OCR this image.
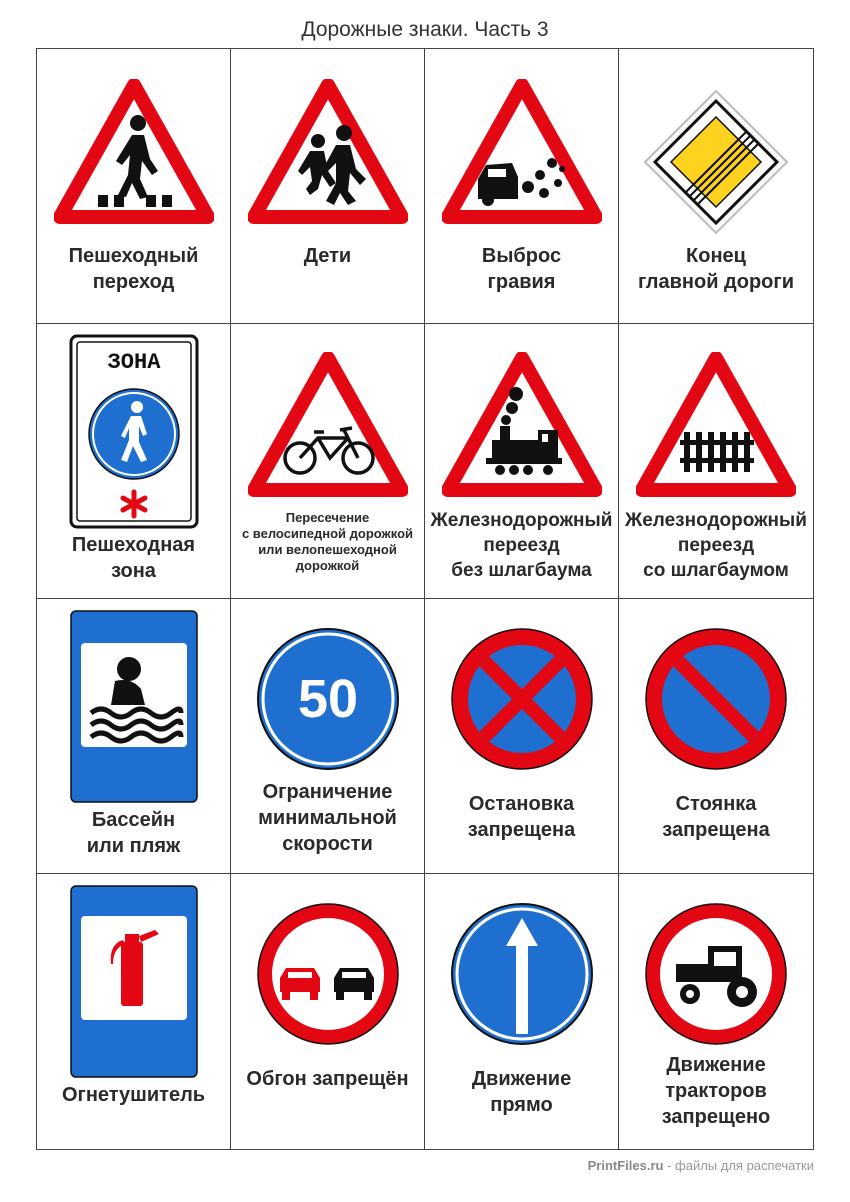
Дорожные знаки. Часть 3
Пешеходный
переход
Дети	Выброс
гравия
Конец
главной дороги
ЗОНА
Пешеходная
зона
Пересечение
с велосипедной дорожкой
или велопешеходной
дорожкой
Железнодорожный
переезд
без шлагбаума
Железнодорожный
переезд
со шлагбаумом
Бассейн
или пляж
50
Ограничение
минимальной
скорости
Остановка
запрещена
Стоянка
запрещена
Огнетушитель
Обгон запрещён	Движение
прямо
Движение
тракторов
запрещено
PrintFiles.ru - файлы для распечатки
